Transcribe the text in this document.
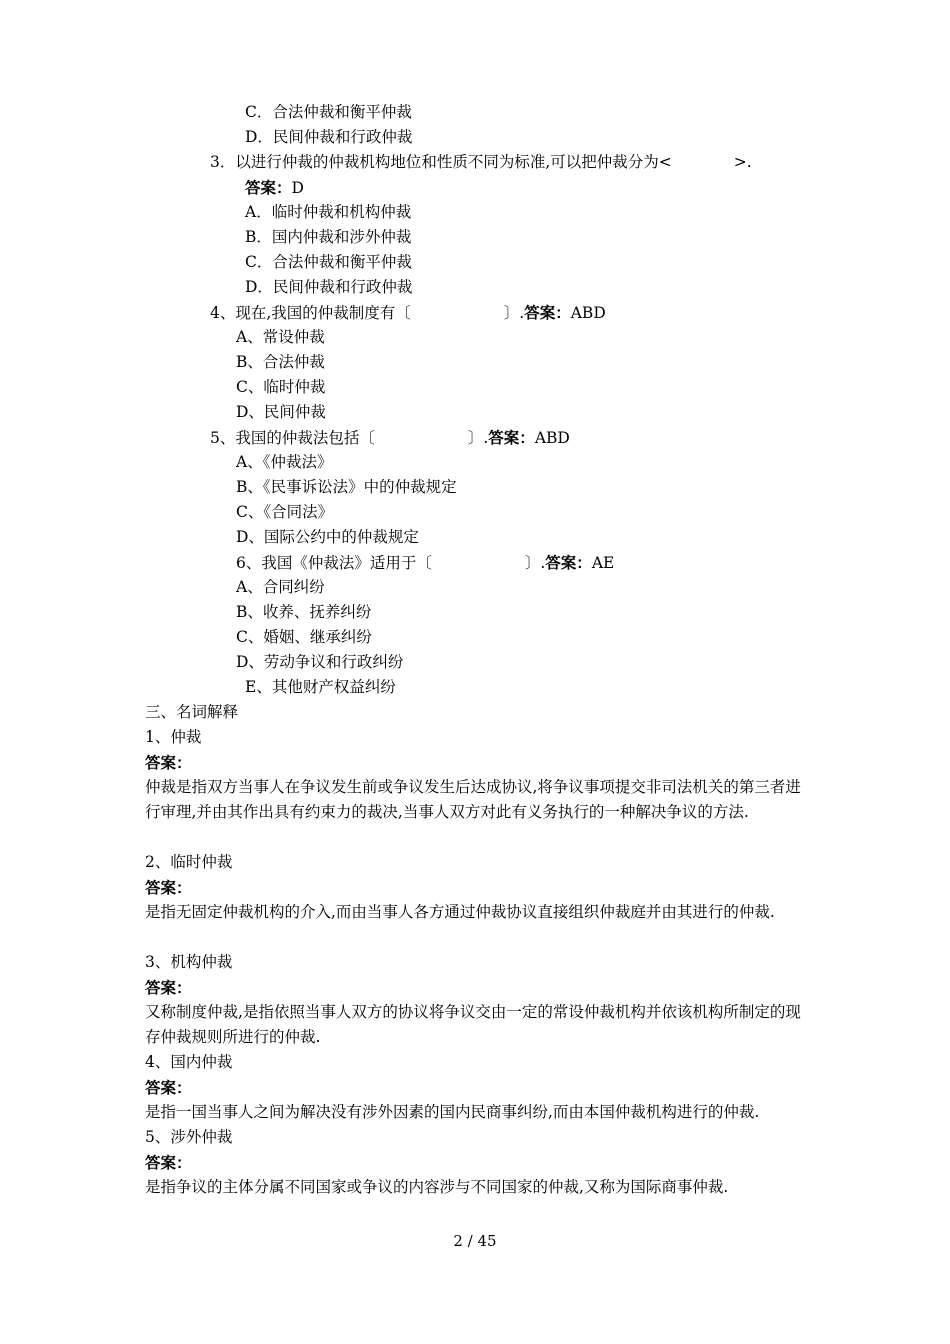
C．合法仲裁和衡平仲裁
D．民间仲裁和行政仲裁
3．以进行仲裁的仲裁机构地位和性质不同为标准,可以把仲裁分为<　　　　>.
答案：D
A．临时仲裁和机构仲裁
B．国内仲裁和涉外仲裁
C．合法仲裁和衡平仲裁
D．民间仲裁和行政仲裁
4、现在,我国的仲裁制度有〔　　　　　　〕.答案：ABD
A、常设仲裁
B、合法仲裁
C、临时仲裁
D、民间仲裁
5、我国的仲裁法包括〔　　　　　　〕.答案：ABD
A、《仲裁法》
B、《民事诉讼法》中的仲裁规定
C、《合同法》
D、国际公约中的仲裁规定
6、我国《仲裁法》适用于〔　　　　　　〕.答案：AE
A、合同纠纷
B、收养、抚养纠纷
C、婚姻、继承纠纷
D、劳动争议和行政纠纷
E、其他财产权益纠纷
三、名词解释
1、仲裁
答案：
仲裁是指双方当事人在争议发生前或争议发生后达成协议,将争议事项提交非司法机关的第三者进行审理,并由其作出具有约束力的裁决,当事人双方对此有义务执行的一种解决争议的方法.
2、临时仲裁
答案：
是指无固定仲裁机构的介入,而由当事人各方通过仲裁协议直接组织仲裁庭并由其进行的仲裁.
3、机构仲裁
答案：
又称制度仲裁,是指依照当事人双方的协议将争议交由一定的常设仲裁机构并依该机构所制定的现存仲裁规则所进行的仲裁.
4、国内仲裁
答案：
是指一国当事人之间为解决没有涉外因素的国内民商事纠纷,而由本国仲裁机构进行的仲裁.
5、涉外仲裁
答案：
是指争议的主体分属不同国家或争议的内容涉与不同国家的仲裁,又称为国际商事仲裁.
2 / 45
